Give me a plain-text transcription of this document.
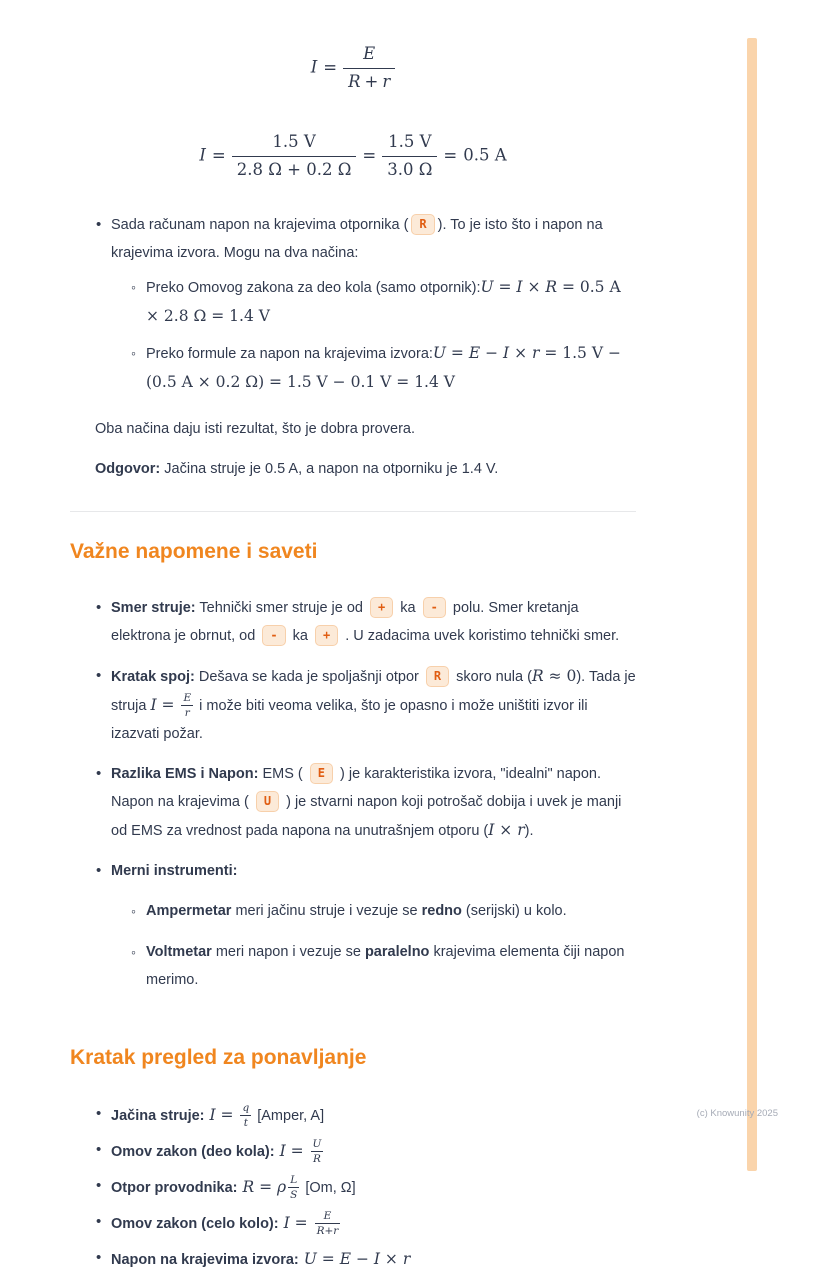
$I = \frac{E}{R + r}$
$I = \frac{1.5 V}{2.8 \Omega + 0.2 \Omega} = \frac{1.5 V}{3.0 \Omega} = 0.5$ A
•
Sada računam napon na krajevima otpornika ( R ). To je isto što i napon na krajevima izvora. Mogu na dva načina:
◦
Preko Omovog zakona za deo kola (samo otpornik):U = I × R = 0.5 A × 2.8 Ω = 1.4 V
◦
Preko formule za napon na krajevima izvora:U = E − I × r = 1.5 V − (0.5 A × 0.2 Ω) = 1.5 V − 0.1 V = 1.4 V

Oba načina daju isti rezultat, što je dobra provera.

Odgovor: Jačina struje je 0.5 A, a napon na otporniku je 1.4 V.

Važne napomene i saveti
•
Smer struje: Tehnički smer struje je od + ka - polu. Smer kretanja elektrona je obrnut, od - ka + . U zadacima uvek koristimo tehnički smer.
•
Kratak spoj: Dešava se kada je spoljašnji otpor R skoro nula (R ≈ 0). Tada je struja $I = \frac{E}{r}$ i može biti veoma velika, što je opasno i može uništiti izvor ili izazvati požar.
•
Razlika EMS i Napon: EMS ( E ) je karakteristika izvora, "idealni" napon. Napon na krajevima ( U ) je stvarni napon koji potrošač dobija i uvek je manji od EMS za vrednost pada napona na unutrašnjem otporu (I × r).
•
Merni instrumenti:
◦
Ampermetar meri jačinu struje i vezuje se redno (serijski) u kolo.
◦
Voltmetar meri napon i vezuje se paralelno krajevima elementa čiji napon merimo.
Kratak pregled za ponavljanje
•
Jačina struje: $I = \frac{q}{t}$ [Amper, A]
•
Omov zakon (deo kola): $I = \frac{U}{R}$
•
Otpor provodnika: R = ρ $\frac{L}{S} [Om$, Ω]
•
Omov zakon (celo kolo): $I = \frac{E}{R+r}$
•
Napon na krajevima izvora: U = E − I × r
(c) Knowunity 2025
